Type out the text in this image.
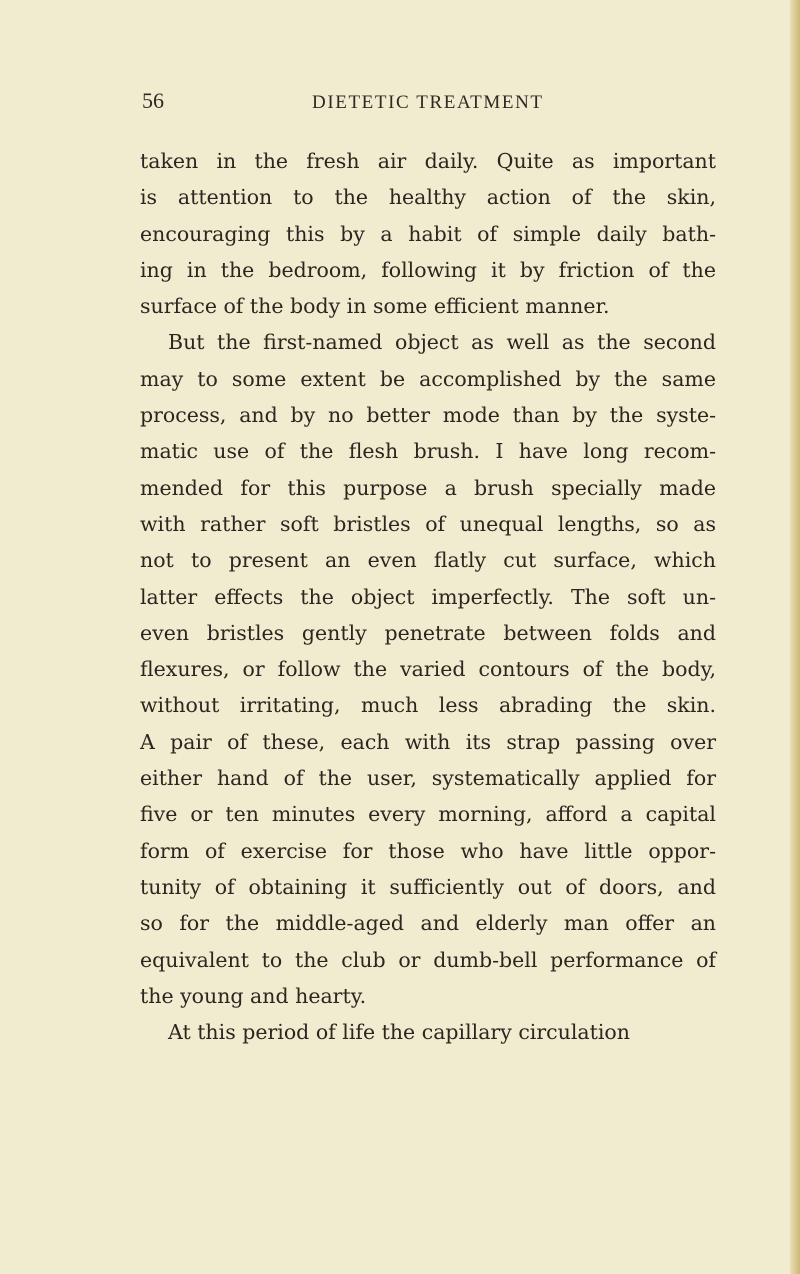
56	DIETETIC TREATMENT
taken in the fresh air daily. Quite as important
is attention to the healthy action of the skin,
encouraging this by a habit of simple daily bath-
ing in the bedroom, following it by friction of the
surface of the body in some efficient manner.
But the first-named object as well as the second
may to some extent be accomplished by the same
process, and by no better mode than by the syste-
matic use of the flesh brush. I have long recom-
mended for this purpose a brush specially made
with rather soft bristles of unequal lengths, so as
not to present an even flatly cut surface, which
latter effects the object imperfectly. The soft un-
even bristles gently penetrate between folds and
flexures, or follow the varied contours of the body,
without irritating, much less abrading the skin.
A pair of these, each with its strap passing over
either hand of the user, systematically applied for
five or ten minutes every morning, afford a capital
form of exercise for those who have little oppor-
tunity of obtaining it sufficiently out of doors, and
so for the middle-aged and elderly man offer an
equivalent to the club or dumb-bell performance of
the young and hearty.
At this period of life the capillary circulation
